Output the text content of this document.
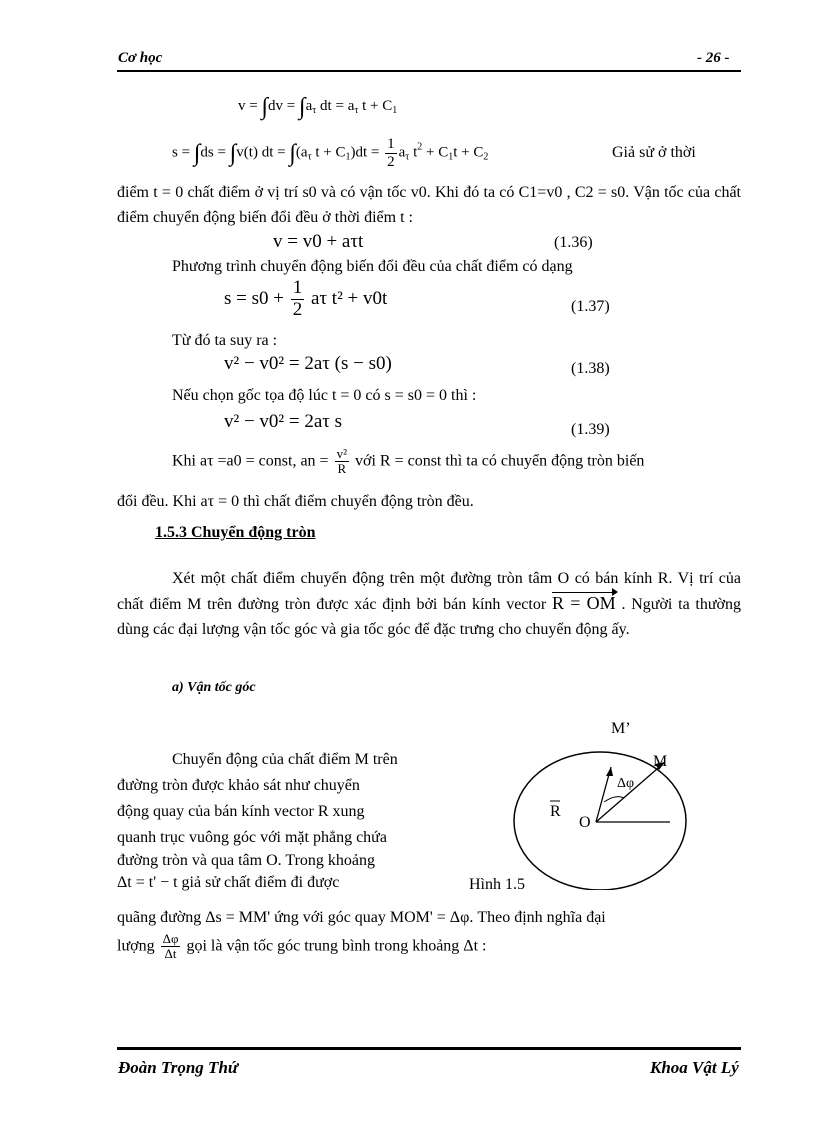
Cơ học	- 26 -
$v = \int dv = \int a_\tau$ dt = $a_\tau$ $t + C_1$
s = ∫ds = ∫v(t) dt = $\int(a_\tau$ $t + C_1)dt = \frac{1}{2} a_\tau$ $t^2 + C_1t + C_2$	Giả sử ở thời
điểm t = 0 chất điểm ở vị trí s0 và có vận tốc v0. Khi đó ta có C1=v0 , C2 = s0. Vận tốc của chất điểm chuyển động biến đổi đều ở thời điểm t :
v = v0 + aτt	(1.36)
Phương trình chuyển động biến đổi đều của chất điểm có dạng
$s = s0 + \frac{1}{2}$ aτ t² + v0t	(1.37)
Từ đó ta suy ra :
v² − v0² = 2aτ (s − s0)	(1.38)
Nếu chọn gốc tọa độ lúc t = 0 có s = s0 = 0 thì :
v² − v0² = 2aτ s	(1.39)
Khi aτ =a0 = const, an = $\frac{\text{v²}}{R}$ với R = const thì ta có chuyển động tròn biến
đổi đều. Khi aτ = 0 thì chất điểm chuyển động tròn đều.
1.5.3 Chuyển động tròn
Xét một chất điểm chuyển động trên một đường tròn tâm O có bán kính R. Vị trí của chất điểm M trên đường tròn được xác định bởi bán kính vector R = OM . Người ta thường dùng các đại lượng vận tốc góc và gia tốc góc để đặc trưng cho chuyển động ấy.
a) Vận tốc góc
Chuyển động của chất điểm M trên
đường tròn được khảo sát như chuyển
động quay của bán kính vector R xung
quanh trục vuông góc với mặt phẳng chứa
đường tròn và qua tâm O. Trong khoảng
Δt = t' − t giả sử chất điểm đi được
M’
M
O
R
Δφ
Hình 1.5
quãng đường Δs = MM' ứng với góc quay MOM' = Δφ. Theo định nghĩa đại
lượng $\frac{\Delta\varphi}{\Delta t}$ gọi là vận tốc góc trung bình trong khoảng Δt :
Đoàn Trọng Thứ	Khoa Vật Lý
